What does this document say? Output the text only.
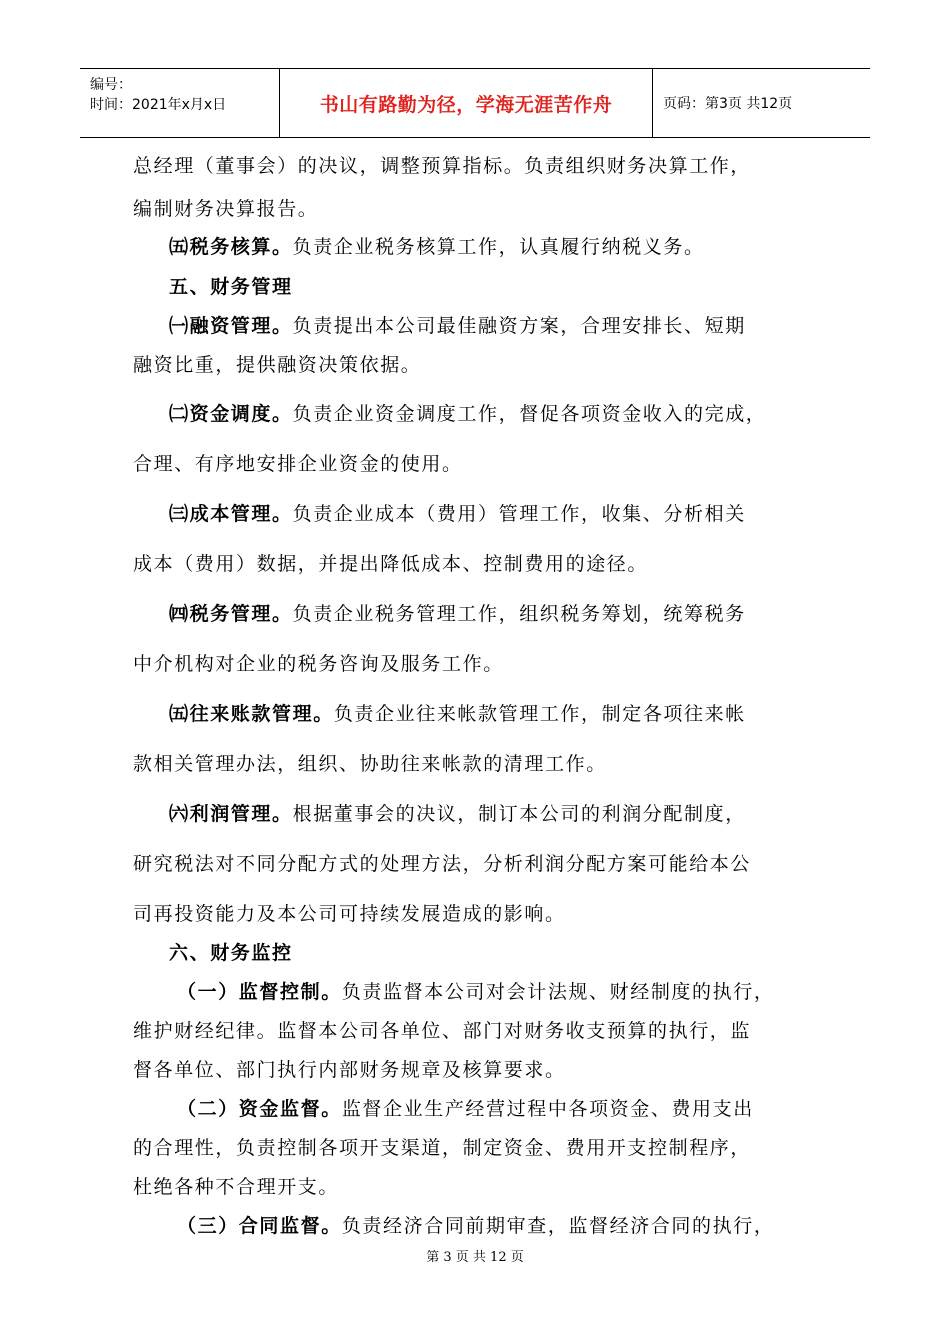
编号：
时间：2021年x月x日	书山有路勤为径，学海无涯苦作舟	页码：第3页 共12页
总经理（董事会）的决议，调整预算指标。负责组织财务决算工作，
编制财务决算报告。
㈤税务核算。负责企业税务核算工作，认真履行纳税义务。
五、财务管理
㈠融资管理。负责提出本公司最佳融资方案，合理安排长、短期
融资比重，提供融资决策依据。
㈡资金调度。负责企业资金调度工作，督促各项资金收入的完成，
合理、有序地安排企业资金的使用。
㈢成本管理。负责企业成本（费用）管理工作，收集、分析相关
成本（费用）数据，并提出降低成本、控制费用的途径。
㈣税务管理。负责企业税务管理工作，组织税务筹划，统筹税务
中介机构对企业的税务咨询及服务工作。
㈤往来账款管理。负责企业往来帐款管理工作，制定各项往来帐
款相关管理办法，组织、协助往来帐款的清理工作。
㈥利润管理。根据董事会的决议，制订本公司的利润分配制度，
研究税法对不同分配方式的处理方法，分析利润分配方案可能给本公
司再投资能力及本公司可持续发展造成的影响。
六、财务监控
（一）监督控制。负责监督本公司对会计法规、财经制度的执行，
维护财经纪律。监督本公司各单位、部门对财务收支预算的执行，监
督各单位、部门执行内部财务规章及核算要求。
（二）资金监督。监督企业生产经营过程中各项资金、费用支出
的合理性，负责控制各项开支渠道，制定资金、费用开支控制程序，
杜绝各种不合理开支。
（三）合同监督。负责经济合同前期审查，监督经济合同的执行，
第 3 页 共 12 页
